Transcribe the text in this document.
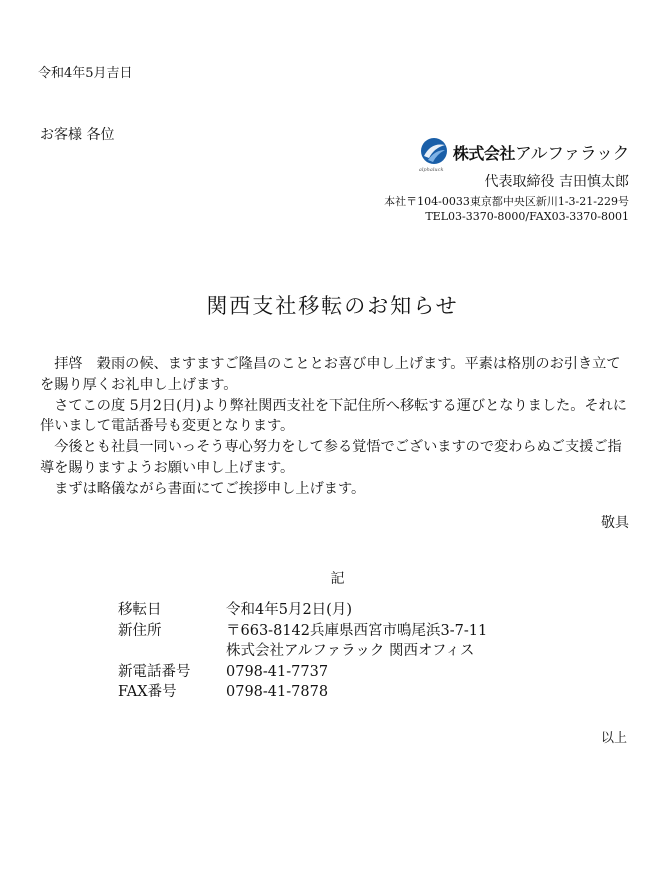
令和4年5月吉日
お客様 各位
alphaluck
株式会社アルファラック
代表取締役 吉田慎太郎
本社〒104-0033東京都中央区新川1-3-21-229号
TEL03-3370-8000/FAX03-3370-8001
関西支社移転のお知らせ

拝啓　穀雨の候、ますますご隆昌のこととお喜び申し上げます。平素は格別のお引き立てを賜り厚くお礼申し上げます。

さてこの度 5月2日(月)より弊社関西支社を下記住所へ移転する運びとなりました。それに伴いまして電話番号も変更となります。

今後とも社員一同いっそう専心努力をして参る覚悟でございますので変わらぬご支援ご指導を賜りますようお願い申し上げます。

まずは略儀ながら書面にてご挨拶申し上げます。

敬具
記
移転日	令和4年5月2日(月)
新住所	〒663-8142兵庫県西宮市鳴尾浜3-7-11
株式会社アルファラック 関西オフィス
新電話番号	0798-41-7737
FAX番号	0798-41-7878
以上
